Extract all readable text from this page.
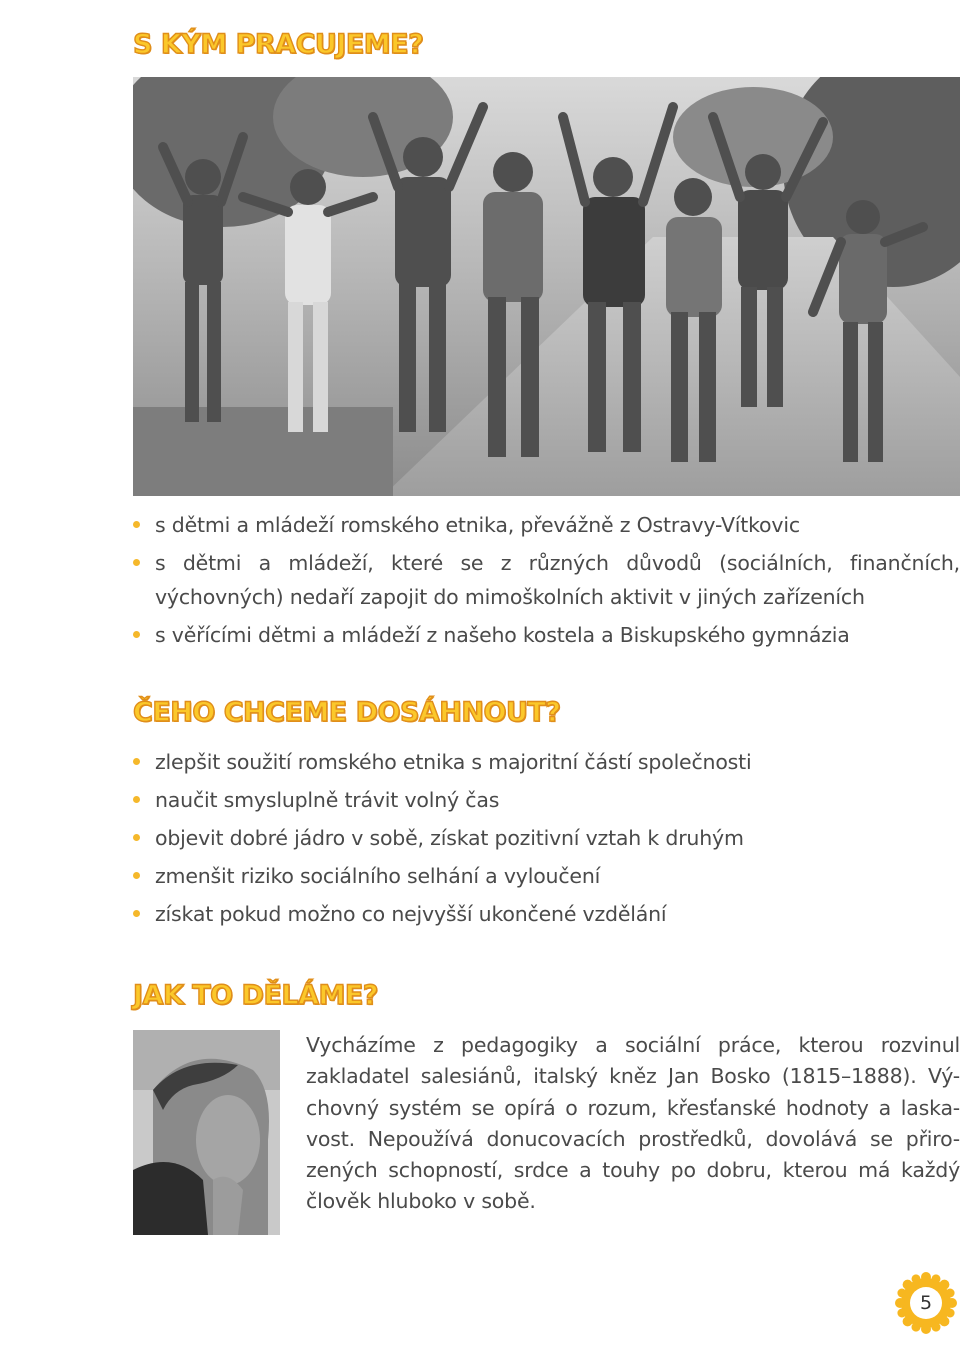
S KÝM PRACUJEME?
s dětmi a mládeží romského etnika, převážně z Ostravy-Vítkovic
s dětmi a mládeží, které se z různých důvodů (sociálních, finančních,
výchovných) nedaří zapojit do mimoškolních aktivit v jiných zařízeních
s věřícími dětmi a mládeží z našeho kostela a Biskupského gymnázia
ČEHO CHCEME DOSÁHNOUT?
zlepšit soužití romského etnika s majoritní částí společnosti
naučit smysluplně trávit volný čas
objevit dobré jádro v sobě, získat pozitivní vztah k druhým
zmenšit riziko sociálního selhání a vyloučení
získat pokud možno co nejvyšší ukončené vzdělání
JAK TO DĚLÁME?

Vycházíme z pedagogiky a sociální práce, kterou rozvinul
zakladatel salesiánů, italský kněz Jan Bosko (1815–1888). Vý-
chovný systém se opírá o rozum, křesťanské hodnoty a laska-
vost. Nepoužívá donucovacích prostředků, dovolává se přiro-
zených schopností, srdce a touhy po dobru, kterou má každý
člověk hluboko v sobě.

5
